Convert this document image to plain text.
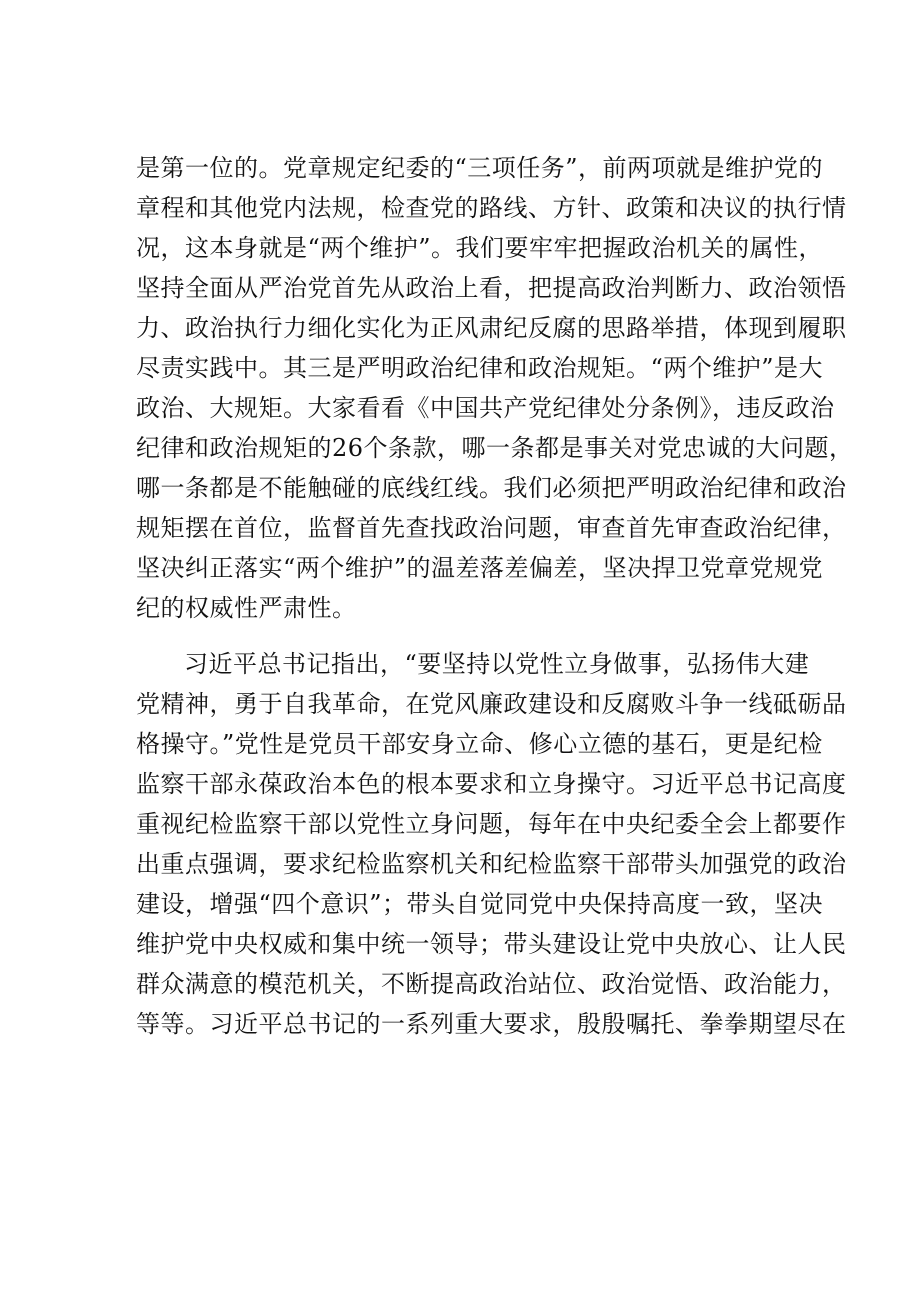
是第一位的。党章规定纪委的“三项任务”，前两项就是维护党的
章程和其他党内法规，检查党的路线、方针、政策和决议的执行情
况，这本身就是“两个维护”。我们要牢牢把握政治机关的属性，
坚持全面从严治党首先从政治上看，把提高政治判断力、政治领悟
力、政治执行力细化实化为正风肃纪反腐的思路举措，体现到履职
尽责实践中。其三是严明政治纪律和政治规矩。“两个维护”是大
政治、大规矩。大家看看《中国共产党纪律处分条例》，违反政治
纪律和政治规矩的26个条款，哪一条都是事关对党忠诚的大问题，
哪一条都是不能触碰的底线红线。我们必须把严明政治纪律和政治
规矩摆在首位，监督首先查找政治问题，审查首先审查政治纪律，
坚决纠正落实“两个维护”的温差落差偏差，坚决捍卫党章党规党
纪的权威性严肃性。
习近平总书记指出，“要坚持以党性立身做事，弘扬伟大建
党精神，勇于自我革命，在党风廉政建设和反腐败斗争一线砥砺品
格操守。”党性是党员干部安身立命、修心立德的基石，更是纪检
监察干部永葆政治本色的根本要求和立身操守。习近平总书记高度
重视纪检监察干部以党性立身问题，每年在中央纪委全会上都要作
出重点强调，要求纪检监察机关和纪检监察干部带头加强党的政治
建设，增强“四个意识”；带头自觉同党中央保持高度一致，坚决
维护党中央权威和集中统一领导；带头建设让党中央放心、让人民
群众满意的模范机关，不断提高政治站位、政治觉悟、政治能力，
等等。习近平总书记的一系列重大要求，殷殷嘱托、拳拳期望尽在
